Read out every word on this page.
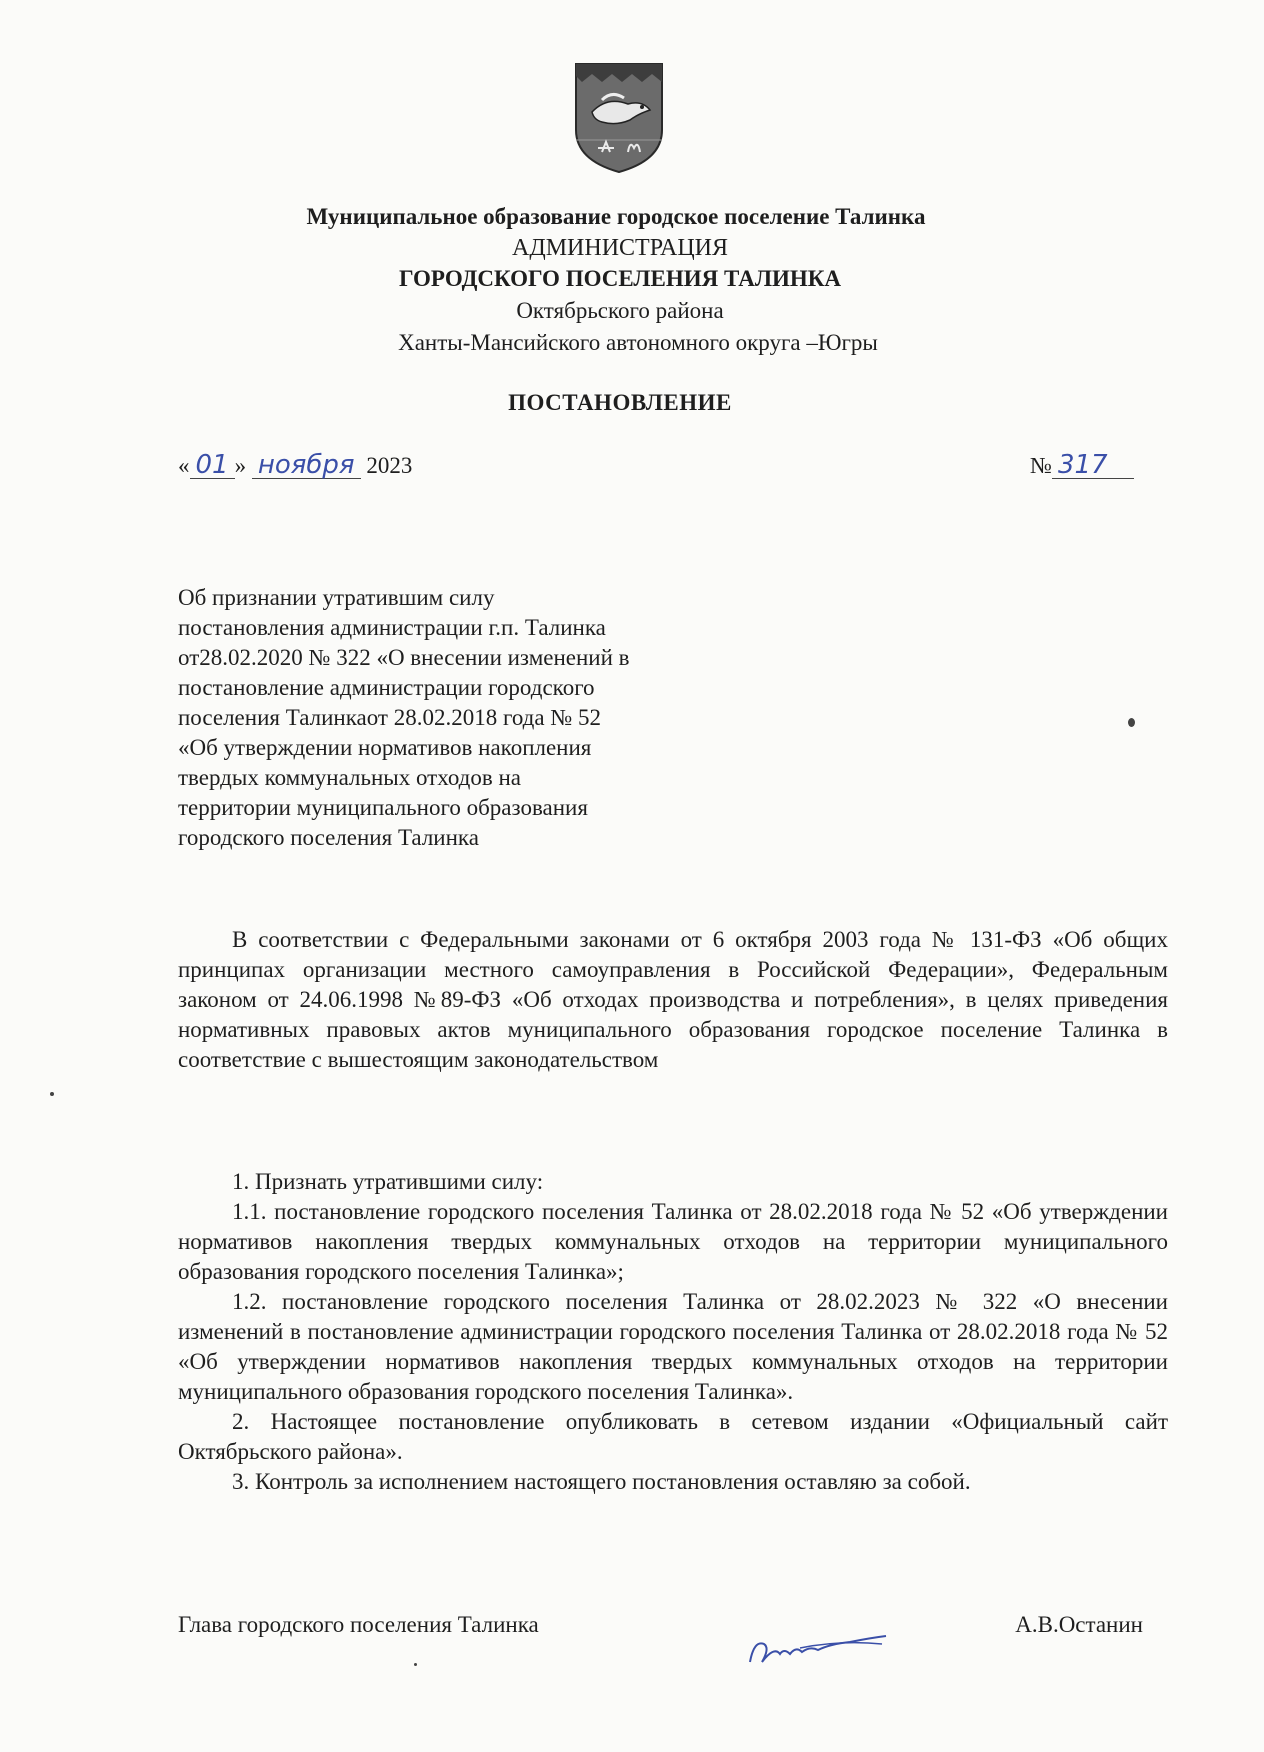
Муниципальное образование городское поселение Талинка
АДМИНИСТРАЦИЯ
ГОРОДСКОГО ПОСЕЛЕНИЯ ТАЛИНКА
Октябрьского района
Ханты-Мансийского автономного округа –Югры
ПОСТАНОВЛЕНИЕ
« 01 » ноября 2023	№ 317
Об признании утратившим силу
постановления администрации г.п. Талинка
от28.02.2020 № 322 «О внесении изменений в
постановление администрации городского
поселения Талинкаот 28.02.2018 года № 52
«Об утверждении нормативов накопления
твердых коммунальных отходов на
территории муниципального образования
городского поселения Талинка

В соответствии с Федеральными законами от 6 октября 2003 года № 131-ФЗ «Об общих принципах организации местного самоуправления в Российской Федерации», Федеральным законом от 24.06.1998 №89-ФЗ «Об отходах производства и потребления», в целях приведения нормативных правовых актов муниципального образования городское поселение Талинка в соответствие с вышестоящим законодательством

1. Признать утратившими силу:

1.1. постановление городского поселения Талинка от 28.02.2018 года № 52 «Об утверждении нормативов накопления твердых коммунальных отходов на территории муниципального образования городского поселения Талинка»;

1.2. постановление городского поселения Талинка от 28.02.2023 № 322 «О внесении изменений в постановление администрации городского поселения Талинка от 28.02.2018 года № 52 «Об утверждении нормативов накопления твердых коммунальных отходов на территории муниципального образования городского поселения Талинка».

2. Настоящее постановление опубликовать в сетевом издании «Официальный сайт Октябрьского района».

3. Контроль за исполнением настоящего постановления оставляю за собой.

Глава городского поселения Талинка	А.В.Останин
